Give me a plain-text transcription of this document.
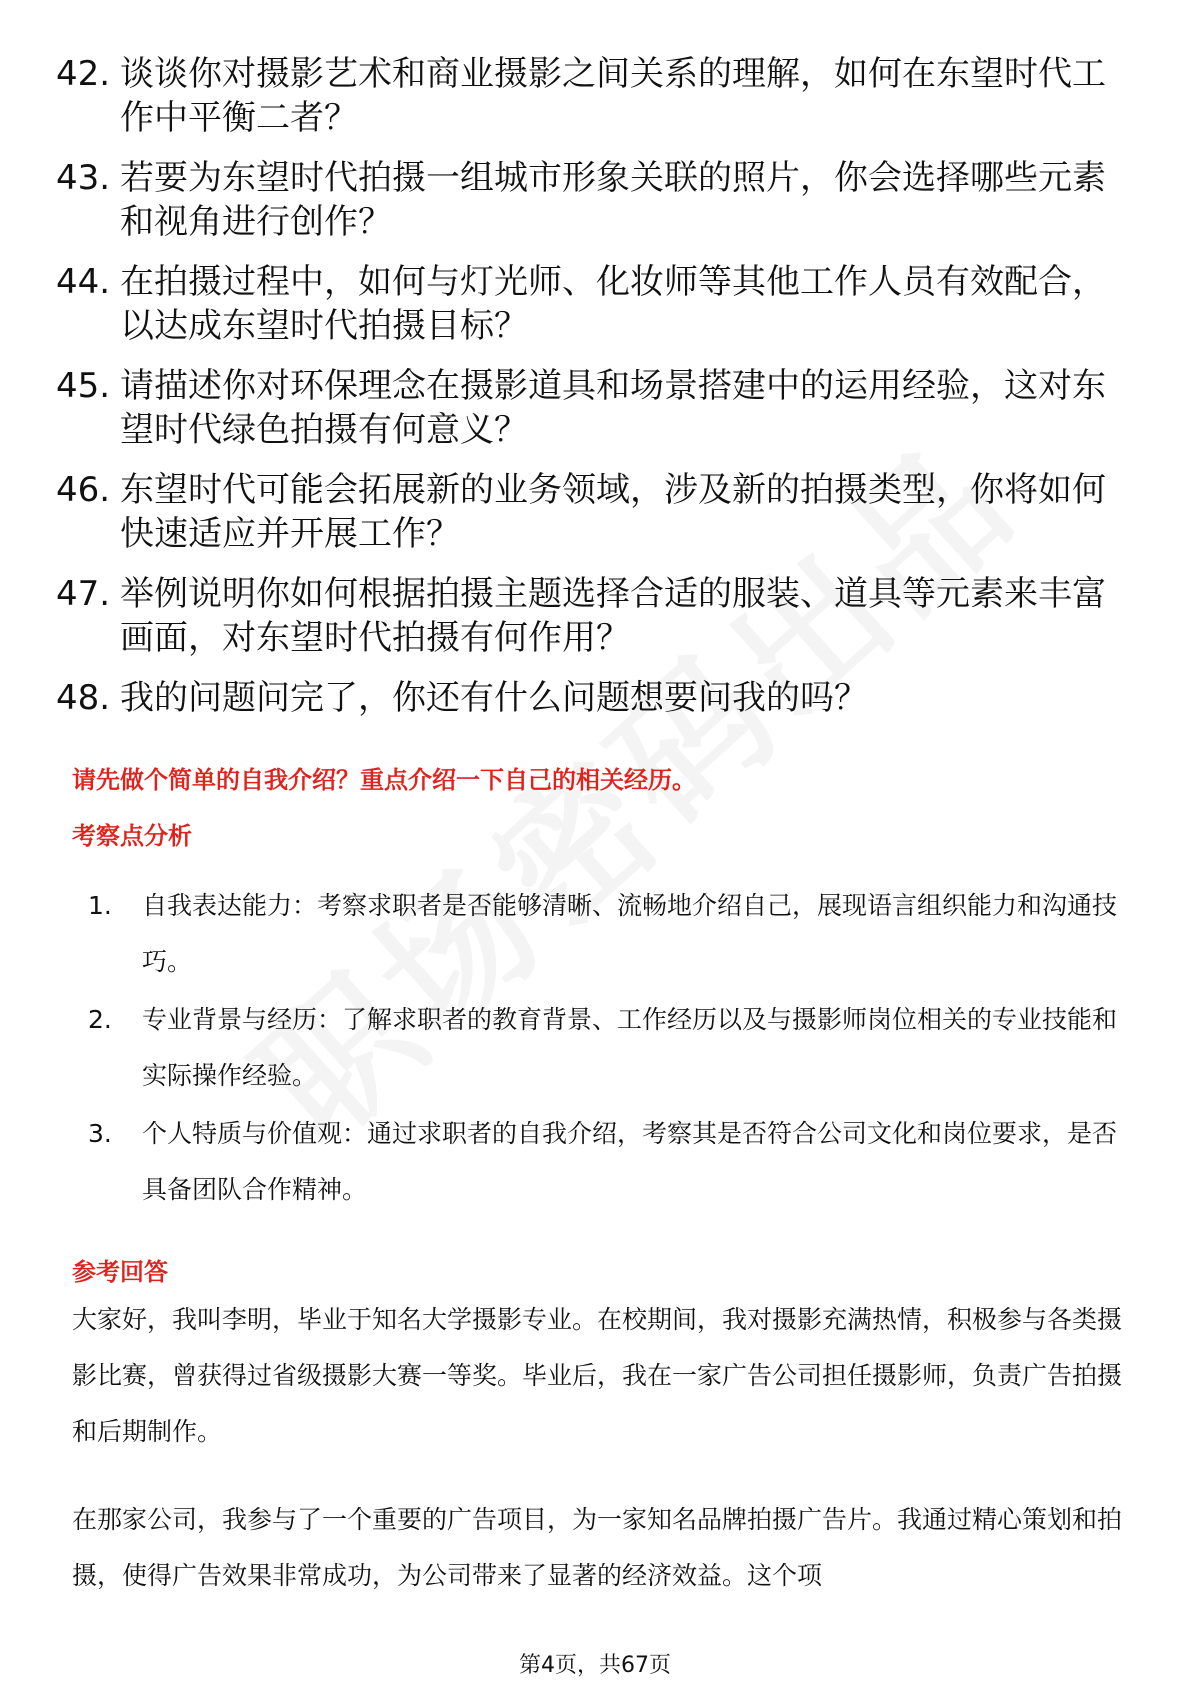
42. 谈谈你对摄影艺术和商业摄影之间关系的理解，如何在东望时代工作中平衡二者？
43. 若要为东望时代拍摄一组城市形象关联的照片，你会选择哪些元素和视角进行创作？
44. 在拍摄过程中，如何与灯光师、化妆师等其他工作人员有效配合，以达成东望时代拍摄目标？
45. 请描述你对环保理念在摄影道具和场景搭建中的运用经验，这对东望时代绿色拍摄有何意义？
46. 东望时代可能会拓展新的业务领域，涉及新的拍摄类型，你将如何快速适应并开展工作？
47. 举例说明你如何根据拍摄主题选择合适的服装、道具等元素来丰富画面，对东望时代拍摄有何作用？
48. 我的问题问完了，你还有什么问题想要问我的吗？
请先做个简单的自我介绍？重点介绍一下自己的相关经历。
考察点分析
1.	自我表达能力：考察求职者是否能够清晰、流畅地介绍自己，展现语言组织能力和沟通技巧。
2.	专业背景与经历：了解求职者的教育背景、工作经历以及与摄影师岗位相关的专业技能和实际操作经验。
3.	个人特质与价值观：通过求职者的自我介绍，考察其是否符合公司文化和岗位要求，是否具备团队合作精神。
参考回答

大家好，我叫李明，毕业于知名大学摄影专业。在校期间，我对摄影充满热情，积极参与各类摄影比赛，曾获得过省级摄影大赛一等奖。毕业后，我在一家广告公司担任摄影师，负责广告拍摄和后期制作。

在那家公司，我参与了一个重要的广告项目，为一家知名品牌拍摄广告片。我通过精心策划和拍摄，使得广告效果非常成功，为公司带来了显著的经济效益。这个项

第4页，共67页
